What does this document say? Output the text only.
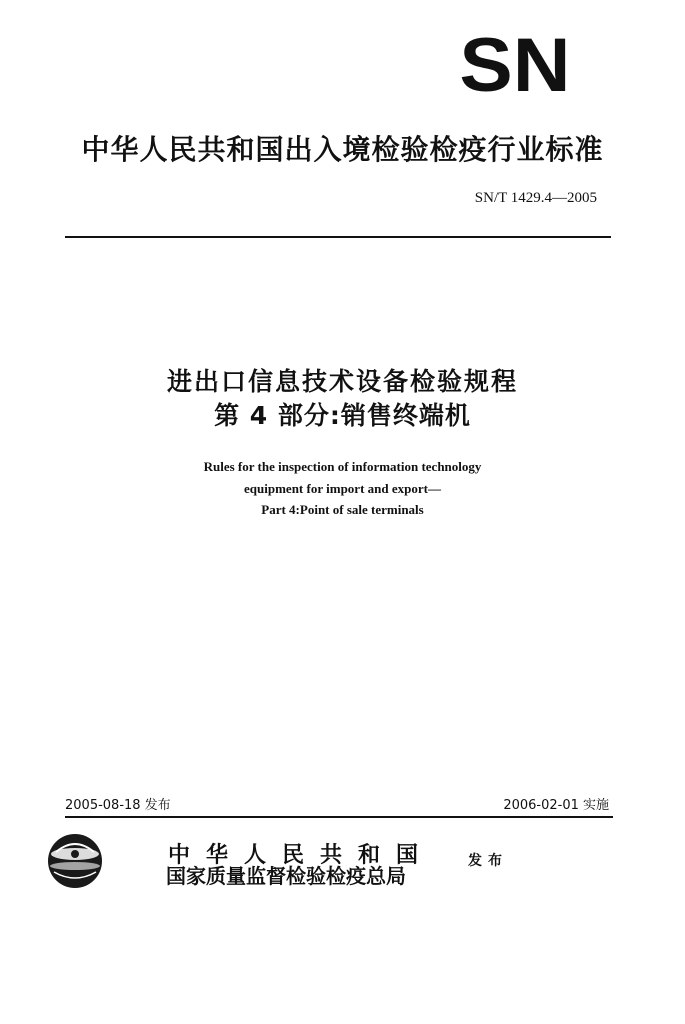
SN
中华人民共和国出入境检验检疫行业标准
SN/T 1429.4—2005
进出口信息技术设备检验规程
第 4 部分:销售终端机
Rules for the inspection of information technology
equipment for import and export—
Part 4:Point of sale terminals
2005-08-18 发布	2006-02-01 实施
中华人民共和国
国家质量监督检验检疫总局
发布
